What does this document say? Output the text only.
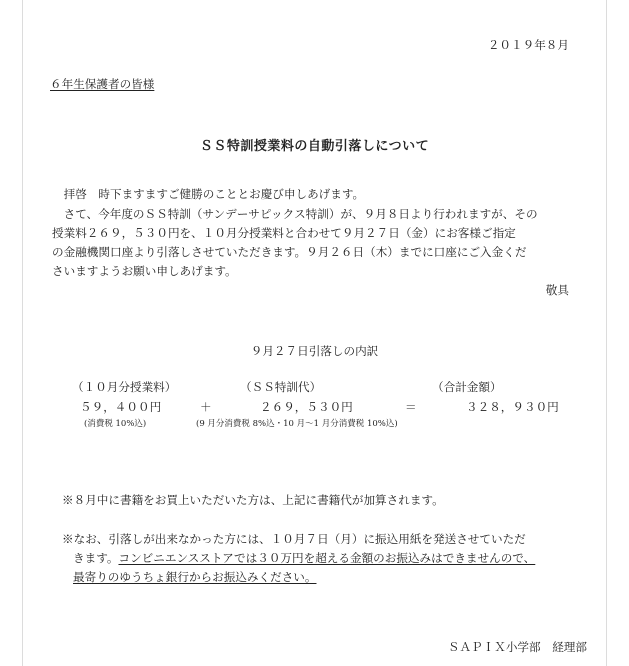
２０１９年８月
６年生保護者の皆様
ＳＳ特訓授業料の自動引落しについて
　拝啓　時下ますますご健勝のこととお慶び申しあげます。
　さて、今年度のＳＳ特訓（サンデーサピックス特訓）が、９月８日より行われますが、その
授業料２６９，５３０円を、１０月分授業料と合わせて９月２７日（金）にお客様ご指定
の金融機関口座より引落しさせていただきます。９月２６日（木）までに口座にご入金くだ
さいますようお願い申しあげます。
敬具
９月２７日引落しの内訳
（１０月分授業料）	（ＳＳ特訓代）	（合計金額）
５９，４００円	＋	２６９，５３０円	＝	３２８，９３０円
(消費税 10%込)	(9 月分消費税 8%込・10 月～1 月分消費税 10%込)
※８月中に書籍をお買上いただいた方は、上記に書籍代が加算されます。
※なお、引落しが出来なかった方には、１０月７日（月）に振込用紙を発送させていただ
きます。コンビニエンスストアでは３０万円を超える金額のお振込みはできませんので、
最寄りのゆうちょ銀行からお振込みください。
ＳＡＰＩＸ小学部　経理部
